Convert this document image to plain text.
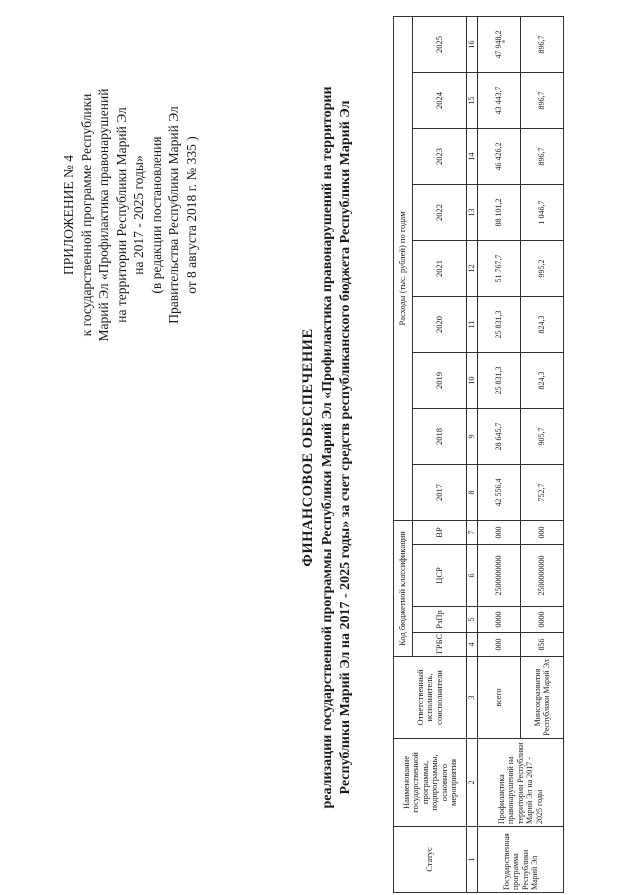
ПРИЛОЖЕНИЕ № 4 к государственной программе Республики Марий Эл «Профилактика правонарушений на территории Республики Марий Эл на 2017 - 2025 годы» (в редакции постановления Правительства Республики Марий Эл от 8 августа 2018 г. № 335 )
ФИНАНСОВОЕ ОБЕСПЕЧЕНИЕ реализации государственной программы Республики Марий Эл «Профилактика правонарушений на территории Республики Марий Эл на 2017 - 2025 годы» за счет средств республиканского бюджета Республики Марий Эл
Статус	Наименование государственной программы, подпрограммы, основного мероприятия	Ответственный исполнитель, соисполнители	Код бюджетной классификации				Расходы (тыс. рублей) по годам								
			ГРБС	РзПр	ЦСР	ВР	2017	2018	2019	2020	2021	2022	2023	2024	2025
1	2	3	4	5	6	7	8	9	10	11	12	13	14	15	16
Государственная программа Республики Марий Эл	Профилактика правонарушений на территории Республики Марий Эл на 2017 - 2025 годы	всего	000	0000	2500000000	000	42 556,4	28 645,7	25 831,3	25 831,3	51 767,7	88 101,2	46 426,2	43 443,7	47 948,2
		Минсоцразвития Республики Марий Эл	856	0000	2500000000	000	752,7	905,7	824,3	824,3	995,2	1 046,7	896,7	896,7	896,7
